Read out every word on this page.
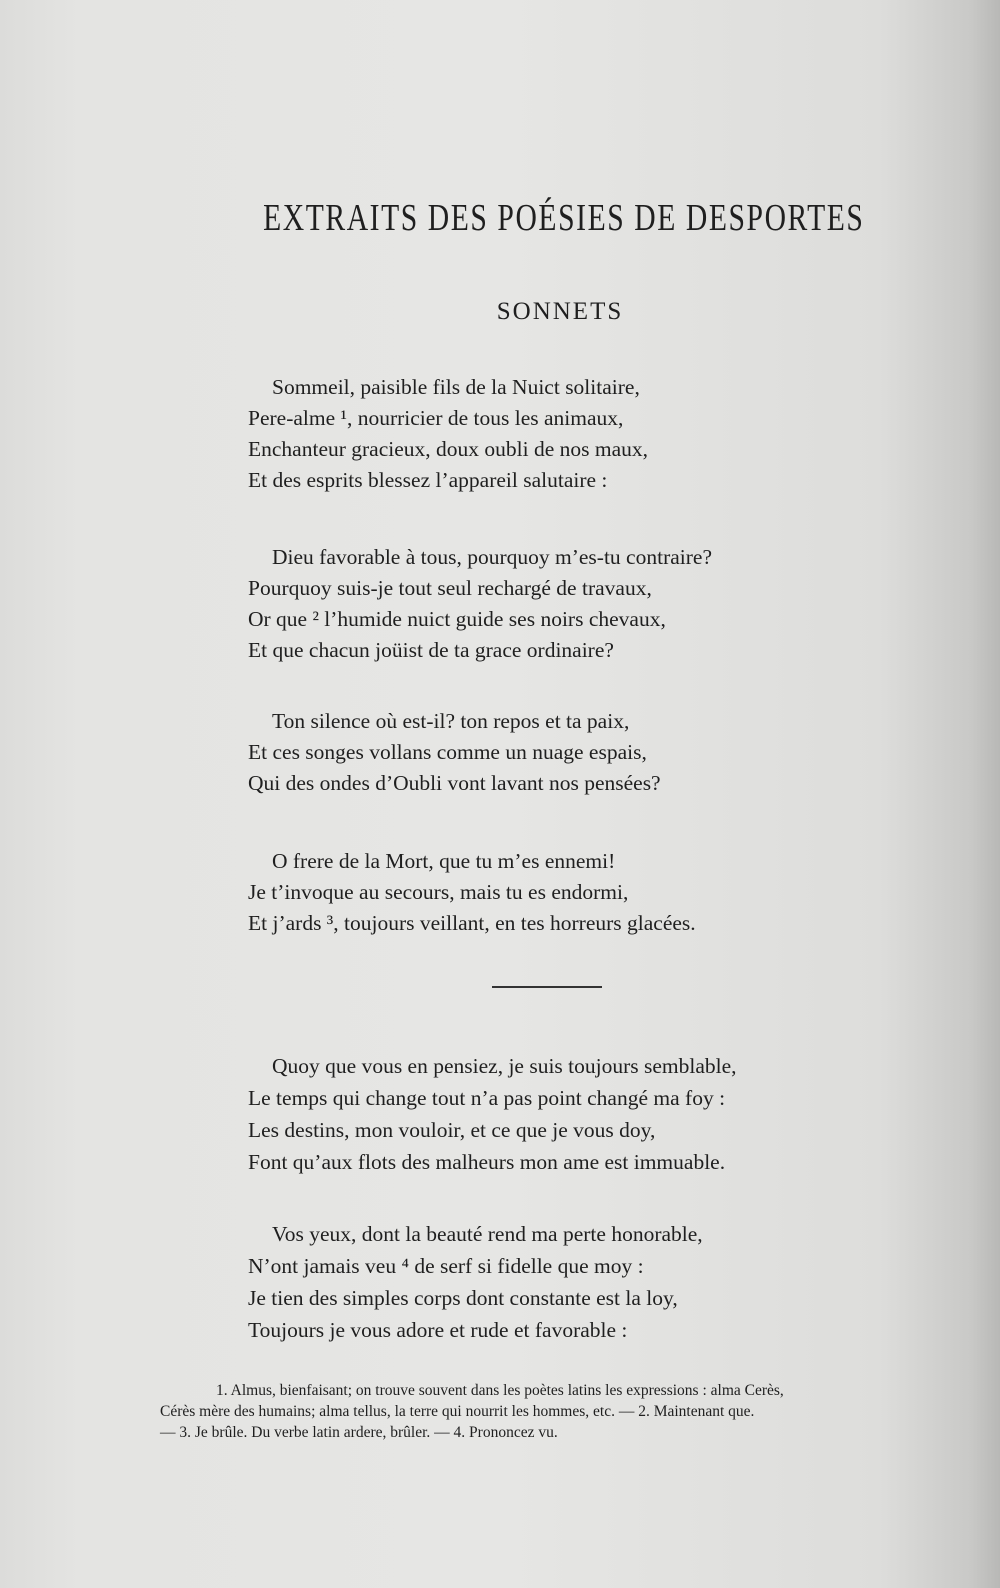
EXTRAITS DES POÉSIES DE DESPORTES
SONNETS
Sommeil, paisible fils de la Nuict solitaire,
Pere-alme ¹, nourricier de tous les animaux,
Enchanteur gracieux, doux oubli de nos maux,
Et des esprits blessez l’appareil salutaire :
Dieu favorable à tous, pourquoy m’es-tu contraire?
Pourquoy suis-je tout seul rechargé de travaux,
Or que ² l’humide nuict guide ses noirs chevaux,
Et que chacun joüist de ta grace ordinaire?
Ton silence où est-il? ton repos et ta paix,
Et ces songes vollans comme un nuage espais,
Qui des ondes d’Oubli vont lavant nos pensées?
O frere de la Mort, que tu m’es ennemi!
Je t’invoque au secours, mais tu es endormi,
Et j’ards ³, toujours veillant, en tes horreurs glacées.
Quoy que vous en pensiez, je suis toujours semblable,
Le temps qui change tout n’a pas point changé ma foy :
Les destins, mon vouloir, et ce que je vous doy,
Font qu’aux flots des malheurs mon ame est immuable.
Vos yeux, dont la beauté rend ma perte honorable,
N’ont jamais veu ⁴ de serf si fidelle que moy :
Je tien des simples corps dont constante est la loy,
Toujours je vous adore et rude et favorable :
1. Almus, bienfaisant; on trouve souvent dans les poètes latins les expressions : alma Cerès,
Cérès mère des humains; alma tellus, la terre qui nourrit les hommes, etc. — 2. Maintenant que.
— 3. Je brûle. Du verbe latin ardere, brûler. — 4. Prononcez vu.
